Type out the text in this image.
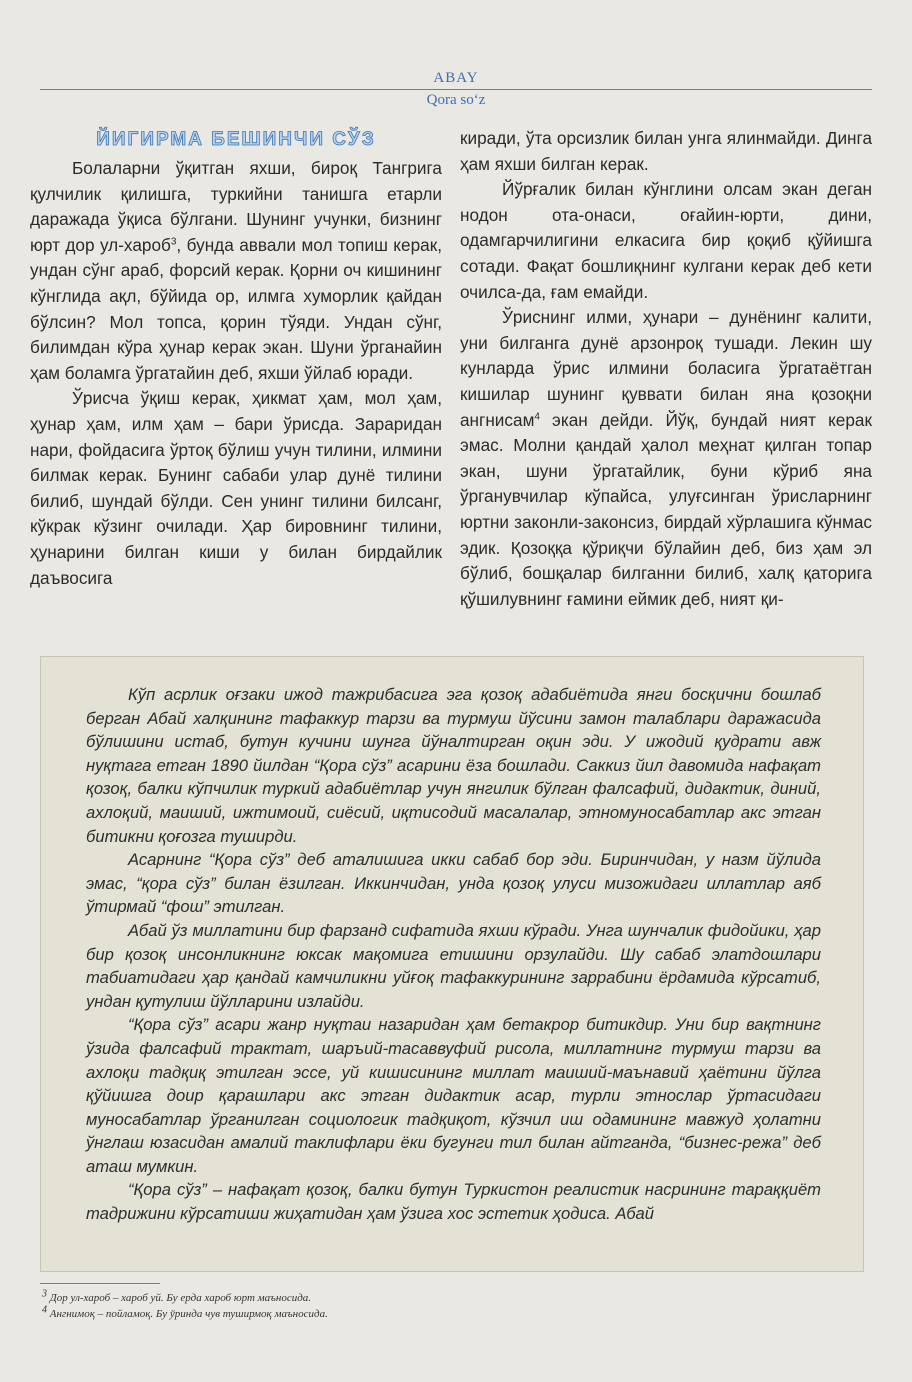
ABAY
Qora so‘z
ЙИГИРМА БЕШИНЧИ СЎЗ

Болаларни ўқитган яхши, бироқ Тангрига қулчилик қилишга, туркийни танишга етарли даражада ўқиса бўлгани. Шунинг учунки, бизнинг юрт дор ул-хароб$^3$, бунда аввали мол топиш керак, ундан сўнг араб, форсий керак. Қорни оч кишининг кўнглида ақл, бўйида ор, илмга хуморлик қайдан бўлсин? Мол топса, қорин тўяди. Ундан сўнг, билимдан кўра ҳунар керак экан. Шуни ўрганайин ҳам боламга ўргатайин деб, яхши ўйлаб юради.

Ўрисча ўқиш керак, ҳикмат ҳам, мол ҳам, ҳунар ҳам, илм ҳам – бари ўрисда. Зараридан нари, фойдасига ўртоқ бўлиш учун тилини, илмини билмак керак. Бунинг сабаби улар дунё тилини билиб, шундай бўлди. Сен унинг тилини билсанг, кўкрак кўзинг очилади. Ҳар бировнинг тилини, ҳунарини билган киши у билан бирдайлик даъвосига

киради, ўта орсизлик билан унга ялинмайди. Динга ҳам яхши билган керак.

Йўрғалик билан кўнглини олсам экан деган нодон ота-онаси, оғайин-юрти, дини, одамгарчилигини елкасига бир қоқиб қўйишга сотади. Фақат бошлиқнинг кулгани керак деб кети очилса-да, ғам емайди.

Ўриснинг илми, ҳунари – дунёнинг калити, уни билганга дунё арзонроқ тушади. Лекин шу кунларда ўрис илмини боласига ўргатаётган кишилар шунинг қуввати билан яна қозоқни ангнисам$^4$ экан дейди. Йўқ, бундай ният керак эмас. Молни қандай ҳалол меҳнат қилган топар экан, шуни ўргатайлик, буни кўриб яна ўрганувчилар кўпайса, улуғсинган ўрисларнинг юртни законли-законсиз, бирдай хўрлашига кўнмас эдик. Қозоққа қўриқчи бўлайин деб, биз ҳам эл бўлиб, бошқалар билганни билиб, халқ қаторига қўшилувнинг ғамини еймик деб, ният қи-

Кўп асрлик оғзаки ижод тажрибасига эга қозоқ адабиётида янги босқични бошлаб берган Абай халқининг тафаккур тарзи ва турмуш йўсини замон талаблари даражасида бўлишини истаб, бутун кучини шунга йўналтирган оқин эди. У ижодий қудрати авж нуқтага етган 1890 йилдан “Қора сўз” асарини ёза бошлади. Саккиз йил давомида нафақат қозоқ, балки кўпчилик туркий адабиётлар учун янгилик бўлган фалсафий, дидактик, диний, ахлоқий, маиший, ижтимоий, сиёсий, иқтисодий масалалар, этномуносабатлар акс этган битикни қоғозга туширди.

Асарнинг “Қора сўз” деб аталишига икки сабаб бор эди. Биринчидан, у назм йўлида эмас, “қора сўз” билан ёзилган. Иккинчидан, унда қозоқ улуси мизожидаги иллатлар аяб ўтирмай “фош” этилган.

Абай ўз миллатини бир фарзанд сифатида яхши кўради. Унга шунчалик фидойики, ҳар бир қозоқ инсонликнинг юксак мақомига етишини орзулайди. Шу сабаб элатдошлари табиатидаги ҳар қандай камчиликни уйғоқ тафаккурининг заррабини ёрдамида кўрсатиб, ундан қутулиш йўлларини излайди.

“Қора сўз” асари жанр нуқтаи назаридан ҳам бетакрор битикдир. Уни бир вақтнинг ўзида фалсафий трактат, шаръий-тасаввуфий рисола, миллатнинг турмуш тарзи ва ахлоқи тадқиқ этилган эссе, уй кишисининг миллат маиший-маънавий ҳаётини йўлга қўйишга доир қарашлари акс этган дидактик асар, турли этнослар ўртасидаги муносабатлар ўрганилган социологик тадқиқот, кўзчил иш одамининг мавжуд ҳолатни ўнглаш юзасидан амалий таклифлари ёки бугунги тил билан айтганда, “бизнес-режа” деб аташ мумкин.

“Қора сўз” – нафақат қозоқ, балки бутун Туркистон реалистик насрининг тараққиёт тадрижини кўрсатиши жиҳатидан ҳам ўзига хос эстетик ҳодиса. Абай

$^3$ Дор ул-хароб – хароб уй. Бу ерда хароб юрт маъносида.
$^4$ Ангнимоқ – пойламоқ. Бу ўринда чув туширмоқ маъносида.
